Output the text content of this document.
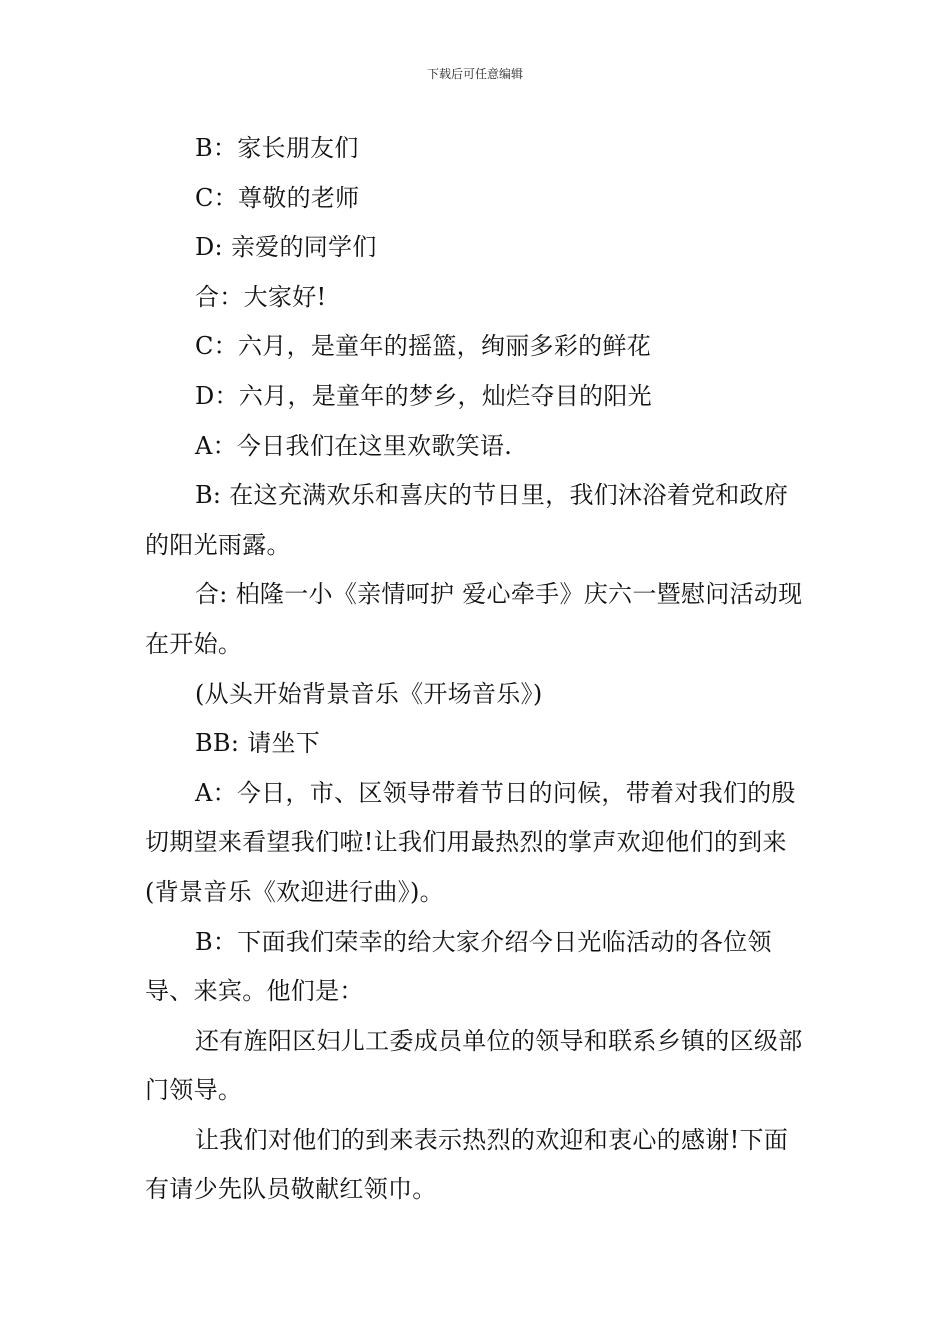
下载后可任意编辑

B：家长朋友们

C：尊敬的老师

D: 亲爱的同学们

合：大家好!

C：六月，是童年的摇篮，绚丽多彩的鲜花

D：六月，是童年的梦乡，灿烂夺目的阳光

A：今日我们在这里欢歌笑语.

B: 在这充满欢乐和喜庆的节日里，我们沐浴着党和政府的阳光雨露。

合: 柏隆一小《亲情呵护 爱心牵手》庆六一暨慰问活动现在开始。

(从头开始背景音乐《开场音乐》)

BB: 请坐下

A：今日，市、区领导带着节日的问候，带着对我们的殷切期望来看望我们啦!让我们用最热烈的掌声欢迎他们的到来(背景音乐《欢迎进行曲》)。

B：下面我们荣幸的给大家介绍今日光临活动的各位领导、来宾。他们是：

还有旌阳区妇儿工委成员单位的领导和联系乡镇的区级部门领导。

让我们对他们的到来表示热烈的欢迎和衷心的感谢!下面有请少先队员敬献红领巾。
